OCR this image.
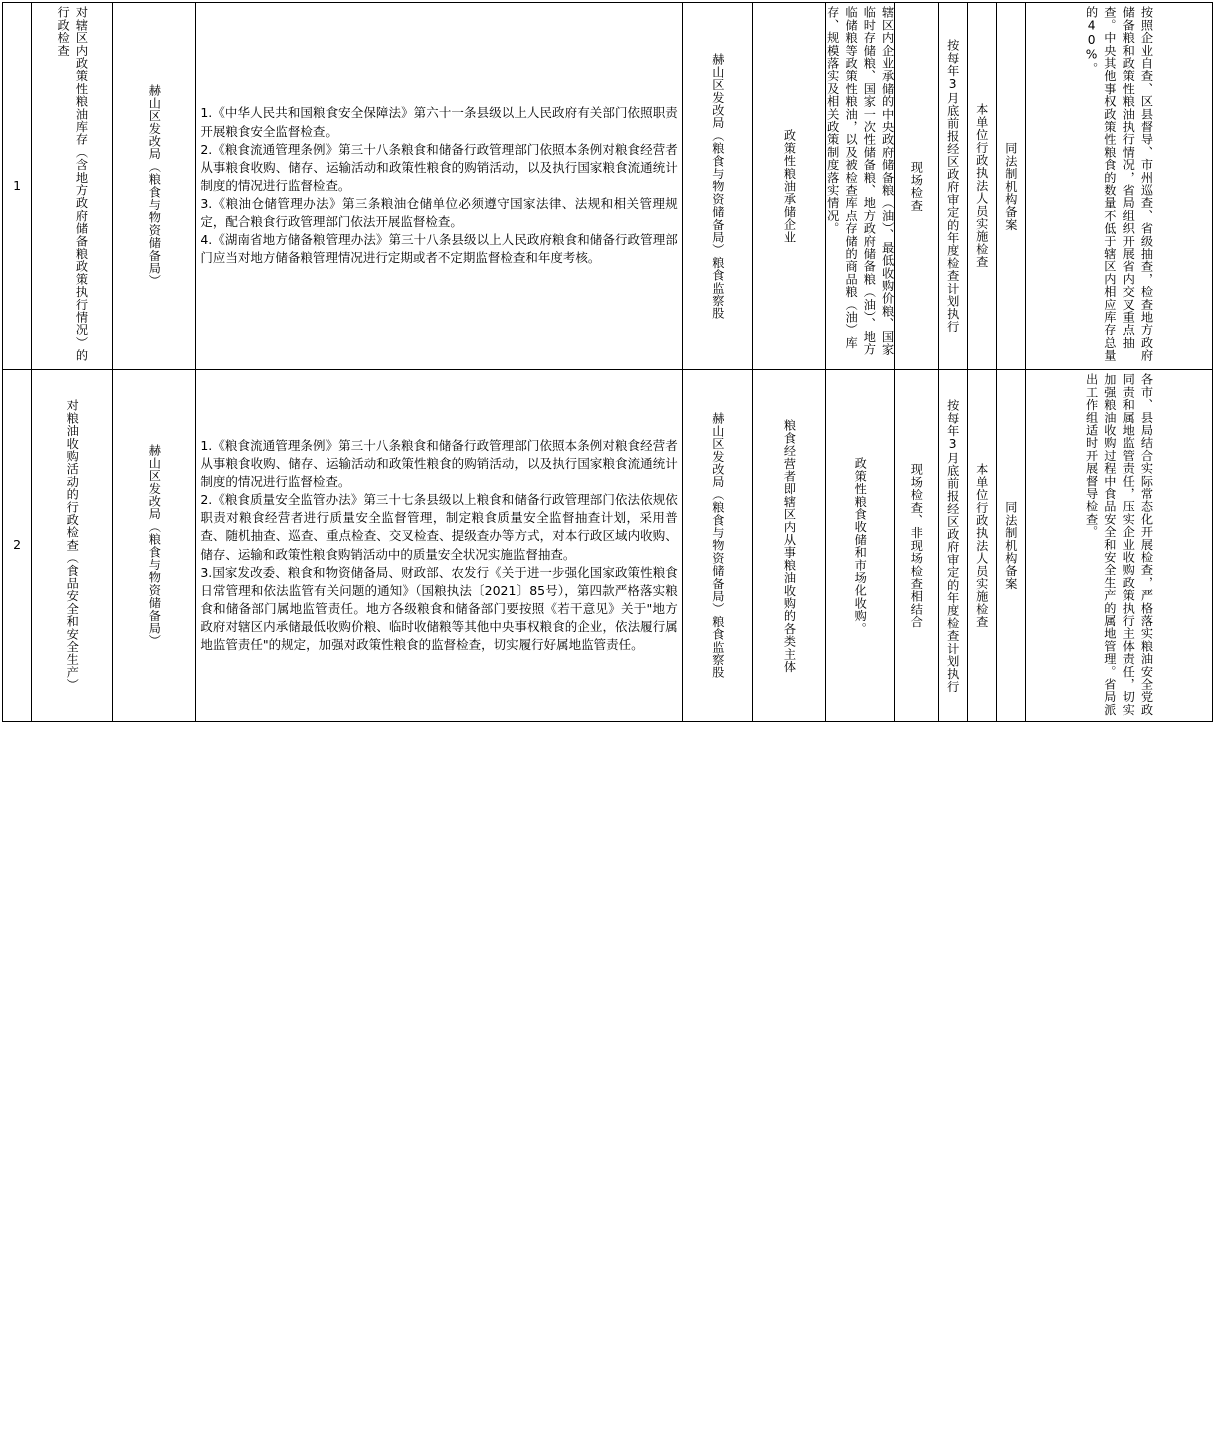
1	对辖区内政策性粮油库存（含地方政府储备粮政策执行情况）的行政检查	赫山区发改局（粮食与物资储备局）	1.《中华人民共和国粮食安全保障法》第六十一条县级以上人民政府有关部门依照职责开展粮食安全监督检查。

2.《粮食流通管理条例》第三十八条粮食和储备行政管理部门依照本条例对粮食经营者从事粮食收购、储存、运输活动和政策性粮食的购销活动，以及执行国家粮食流通统计制度的情况进行监督检查。

3.《粮油仓储管理办法》第三条粮油仓储单位必须遵守国家法律、法规和相关管理规定，配合粮食行政管理部门依法开展监督检查。

4.《湖南省地方储备粮管理办法》第三十八条县级以上人民政府粮食和储备行政管理部门应当对地方储备粮管理情况进行定期或者不定期监督检查和年度考核。	赫山区发改局（粮食与物资储备局）粮食监察股	政策性粮油承储企业	辖区内企业承储的中央政府储备粮（油）、最低收购价粮、国家临时存储粮、国家一次性储备粮、地方政府储备粮（油）、地方临储粮等政策性粮油，以及被检查库点存储的商品粮（油）库存、规模落实及相关政策制度落实情况。	现场检查	按每年3月底前报经区政府审定的年度检查计划执行	本单位行政执法人员实施检查	同法制机构备案	按照企业自查、区县督导、市州巡查、省级抽查，检查地方政府储备粮和政策性粮油执行情况，省局组织开展省内交叉重点抽查。中央其他事权政策性粮食的数量不低于辖区内相应库存总量的40%。

2	对粮油收购活动的行政检查（食品安全和安全生产）	赫山区发改局（粮食与物资储备局）	1.《粮食流通管理条例》第三十八条粮食和储备行政管理部门依照本条例对粮食经营者从事粮食收购、储存、运输活动和政策性粮食的购销活动，以及执行国家粮食流通统计制度的情况进行监督检查。

2.《粮食质量安全监管办法》第三十七条县级以上粮食和储备行政管理部门依法依规依职责对粮食经营者进行质量安全监督管理，制定粮食质量安全监督抽查计划，采用普查、随机抽查、巡查、重点检查、交叉检查、提级查办等方式，对本行政区域内收购、储存、运输和政策性粮食购销活动中的质量安全状况实施监督抽查。

3.国家发改委、粮食和物资储备局、财政部、农发行《关于进一步强化国家政策性粮食日常管理和依法监管有关问题的通知》（国粮执法〔2021〕85号），第四款严格落实粮食和储备部门属地监管责任。地方各级粮食和储备部门要按照《若干意见》关于"地方政府对辖区内承储最低收购价粮、临时收储粮等其他中央事权粮食的企业，依法履行属地监管责任"的规定，加强对政策性粮食的监督检查，切实履行好属地监管责任。	赫山区发改局（粮食与物资储备局）粮食监察股	粮食经营者即辖区内从事粮油收购的各类主体	政策性粮食收储和市场化收购。	现场检查、非现场检查相结合	按每年3月底前报经区政府审定的年度检查计划执行	本单位行政执法人员实施检查	同法制机构备案	各市、县局结合实际常态化开展检查，严格落实粮油安全党政同责和属地监管责任，压实企业收购政策执行主体责任，切实加强粮油收购过程中食品安全和安全生产的属地管理。省局派出工作组适时开展督导检查。
